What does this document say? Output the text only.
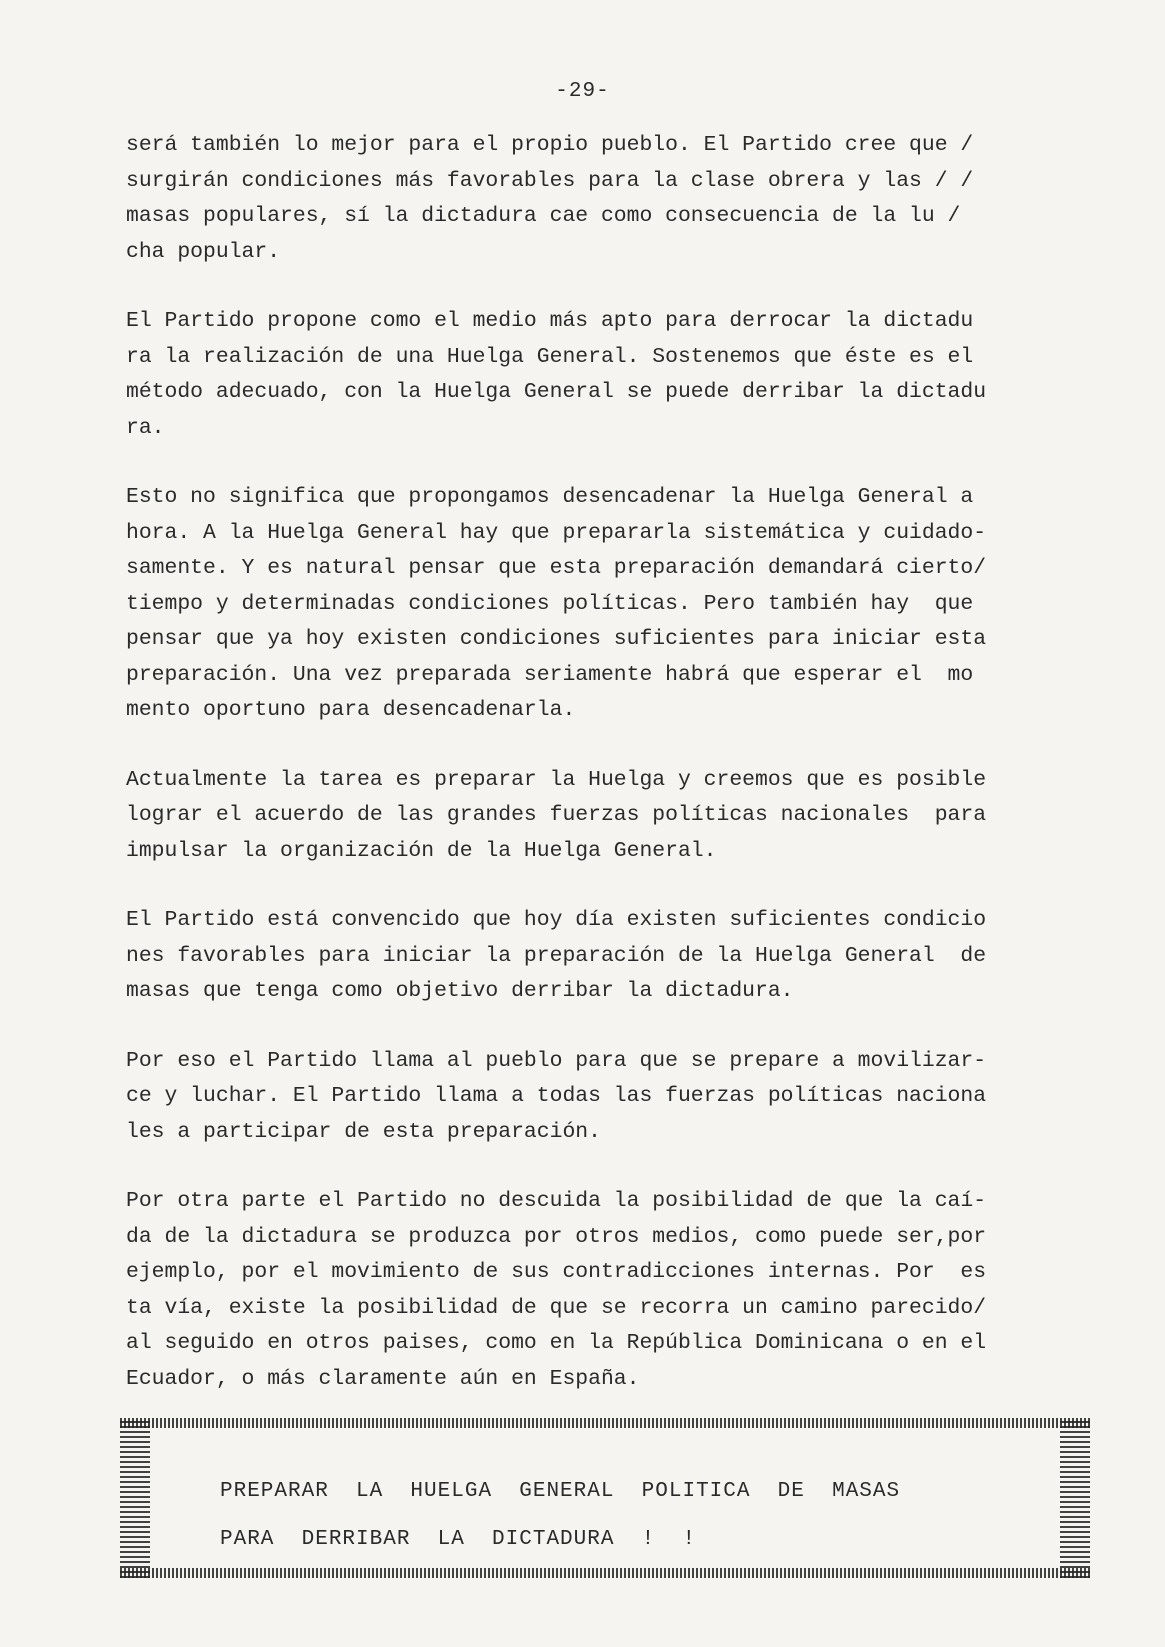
-29-
será también lo mejor para el propio pueblo. El Partido cree que /
surgirán condiciones más favorables para la clase obrera y las / /
masas populares, sí la dictadura cae como consecuencia de la lu /
cha popular.
El Partido propone como el medio más apto para derrocar la dictadu
ra la realización de una Huelga General. Sostenemos que éste es el
método adecuado, con la Huelga General se puede derribar la dictadu
ra.
Esto no significa que propongamos desencadenar la Huelga General a
hora. A la Huelga General hay que prepararla sistemática y cuidado-
samente. Y es natural pensar que esta preparación demandará cierto/
tiempo y determinadas condiciones políticas. Pero también hay  que
pensar que ya hoy existen condiciones suficientes para iniciar esta
preparación. Una vez preparada seriamente habrá que esperar el  mo
mento oportuno para desencadenarla.
Actualmente la tarea es preparar la Huelga y creemos que es posible
lograr el acuerdo de las grandes fuerzas políticas nacionales  para
impulsar la organización de la Huelga General.
El Partido está convencido que hoy día existen suficientes condicio
nes favorables para iniciar la preparación de la Huelga General  de
masas que tenga como objetivo derribar la dictadura.
Por eso el Partido llama al pueblo para que se prepare a movilizar-
ce y luchar. El Partido llama a todas las fuerzas políticas naciona
les a participar de esta preparación.
Por otra parte el Partido no descuida la posibilidad de que la caí-
da de la dictadura se produzca por otros medios, como puede ser,por
ejemplo, por el movimiento de sus contradicciones internas. Por  es
ta vía, existe la posibilidad de que se recorra un camino parecido/
al seguido en otros paises, como en la República Dominicana o en el
Ecuador, o más claramente aún en España.
PREPARAR  LA  HUELGA  GENERAL  POLITICA  DE  MASAS
PARA  DERRIBAR  LA  DICTADURA  !  !
